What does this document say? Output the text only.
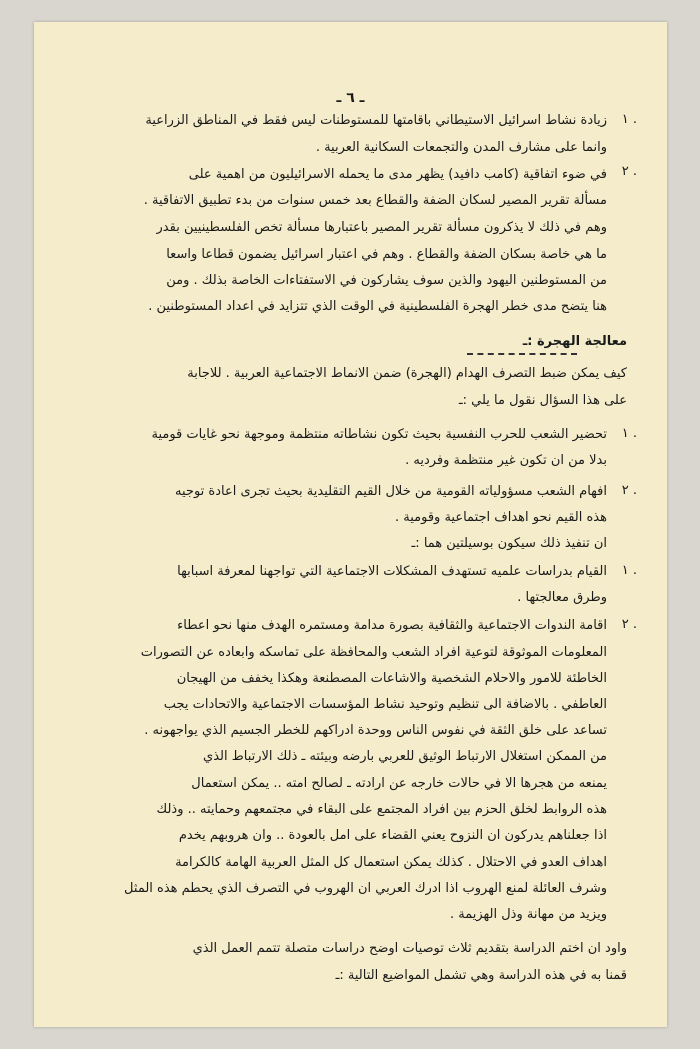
ـ ٦ ـ
١ .
٢ .
زيادة نشاط اسرائيل الاستيطاني باقامتها للمستوطنات ليس فقط في المناطق الزراعية
وانما على مشارف المدن والتجمعات السكانية العربية .
في ضوء اتفاقية (كامب دافيد) يظهر مدى ما يحمله الاسرائيليون من اهمية على
مسألة تقرير المصير لسكان الضفة والقطاع بعد خمس سنوات من بدء تطبيق الاتفاقية .
وهم في ذلك لا يذكرون مسألة تقرير المصير باعتبارها مسألة تخص الفلسطينيين بقدر
ما هي خاصة بسكان الضفة والقطاع . وهم في اعتبار اسرائيل يضمون قطاعا واسعا
من المستوطنين اليهود والذين سوف يشاركون في الاستفتاءات الخاصة بذلك . ومن
هنا يتضح مدى خطر الهجرة الفلسطينية في الوقت الذي تتزايد في اعداد المستوطنين .
معالجة الهجرة :ـ
كيف يمكن ضبط التصرف الهدام (الهجرة) ضمن الانماط الاجتماعية العربية . للاجابة
على هذا السؤال نقول ما يلي :ـ
١ .
تحضير الشعب للحرب النفسية بحيث تكون نشاطاته منتظمة وموجهة نحو غايات قومية
بدلا من ان تكون غير منتظمة وفرديه .
٢ .
افهام الشعب مسؤولياته القومية من خلال القيم التقليدية بحيث تجرى اعادة توجيه
هذه القيم نحو اهداف اجتماعية وقومية .
ان تنفيذ ذلك سيكون بوسيلتين هما :ـ
١ .
القيام بدراسات علميه تستهدف المشكلات الاجتماعية التي تواجهنا لمعرفة اسبابها
وطرق معالجتها .
٢ .
اقامة الندوات الاجتماعية والثقافية بصورة مدامة ومستمره الهدف منها نحو اعطاء
المعلومات الموثوقة لتوعية افراد الشعب والمحافظة على تماسكه وابعاده عن التصورات
الخاطئة للامور والاحلام الشخصية والاشاعات المصطنعة وهكذا يخفف من الهيجان
العاطفي . بالاضافة الى تنظيم وتوحيد نشاط المؤسسات الاجتماعية والاتحادات يجب
تساعد على خلق الثقة في نفوس الناس ووحدة ادراكهم للخطر الجسيم الذي يواجهونه .
من الممكن استغلال الارتباط الوثيق للعربي بارضه وبيئته ـ ذلك الارتباط الذي
يمنعه من هجرها الا في حالات خارجه عن ارادته ـ لصالح امته .. يمكن استعمال
هذه الروابط لخلق الحزم بين افراد المجتمع على البقاء في مجتمعهم وحمايته .. وذلك
اذا جعلناهم يدركون ان النزوح يعني القضاء على امل بالعودة .. وان هروبهم يخدم
اهداف العدو في الاحتلال . كذلك يمكن استعمال كل المثل العربية الهامة كالكرامة
وشرف العائلة لمنع الهروب اذا ادرك العربي ان الهروب في التصرف الذي يحطم هذه المثل
ويزيد من مهانة وذل الهزيمة .
واود ان اختم الدراسة بتقديم ثلاث توصيات اوضح دراسات متصلة تتمم العمل الذي
قمنا به في هذه الدراسة وهي تشمل المواضيع التالية :ـ
